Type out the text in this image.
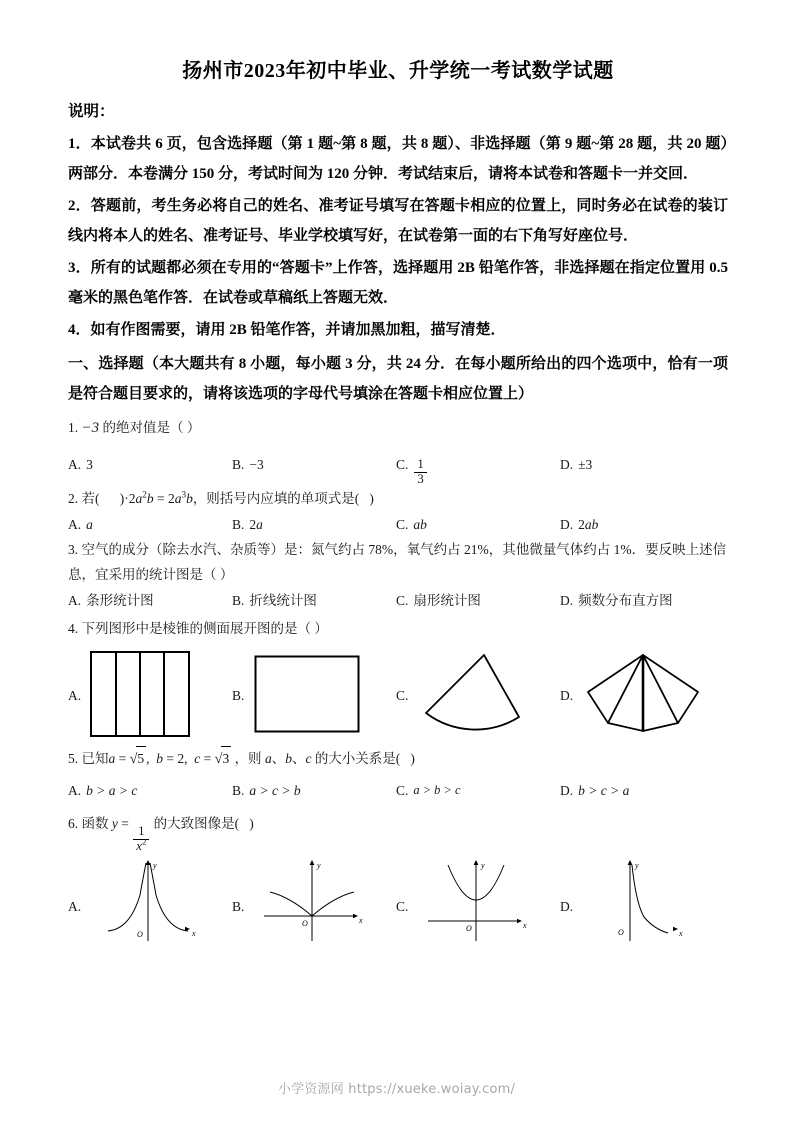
扬州市2023年初中毕业、升学统一考试数学试题
说明：
1．本试卷共 6 页，包含选择题（第 1 题~第 8 题，共 8 题）、非选择题（第 9 题~第 28 题，共 20 题）两部分．本卷满分 150 分，考试时间为 120 分钟．考试结束后，请将本试卷和答题卡一并交回．
2．答题前，考生务必将自己的姓名、准考证号填写在答题卡相应的位置上，同时务必在试卷的装订线内将本人的姓名、准考证号、毕业学校填写好，在试卷第一面的右下角写好座位号．
3．所有的试题都必须在专用的“答题卡”上作答，选择题用 2B 铅笔作答，非选择题在指定位置用 0.5 毫米的黑色笔作答．在试卷或草稿纸上答题无效．
4．如有作图需要，请用 2B 铅笔作答，并请加黑加粗，描写清楚．
一、选择题（本大题共有 8 小题，每小题 3 分，共 24 分．在每小题所给出的四个选项中，恰有一项是符合题目要求的，请将该选项的字母代号填涂在答题卡相应位置上）
1. −3 的绝对值是（ ）
A. 3	B. −3	C. $\frac{1}{3}$	D. ±3
2. 若(      )$\cdot 2a^2b = 2a^3b$，则括号内应填的单项式是(   )
A. a	B. 2a	C. ab	D. 2ab
3. 空气的成分（除去水汽、杂质等）是：氮气约占 78%，氧气约占 21%，其他微量气体约占 1%．要反映上述信息，宜采用的统计图是（ ）
A. 条形统计图	B. 折线统计图	C. 扇形统计图	D. 频数分布直方图
4. 下列图形中是棱锥的侧面展开图的是（ ）
A.	B.	C.	D.
5. 已知a = √5 ,  b = 2,  c = √3 ，则 a、b、c 的大小关系是(   )
A. b > a > c	B. a > c > b	C. a > b > c	D. b > c > a
6. 函数 y =
$\frac{1}{x^2}$
的大致图像是(   )
A.
y
x
O
B.
y
x
O
C.
y
x
O
D.
y
x
O
小学资源网 https://xueke.woiay.com/
